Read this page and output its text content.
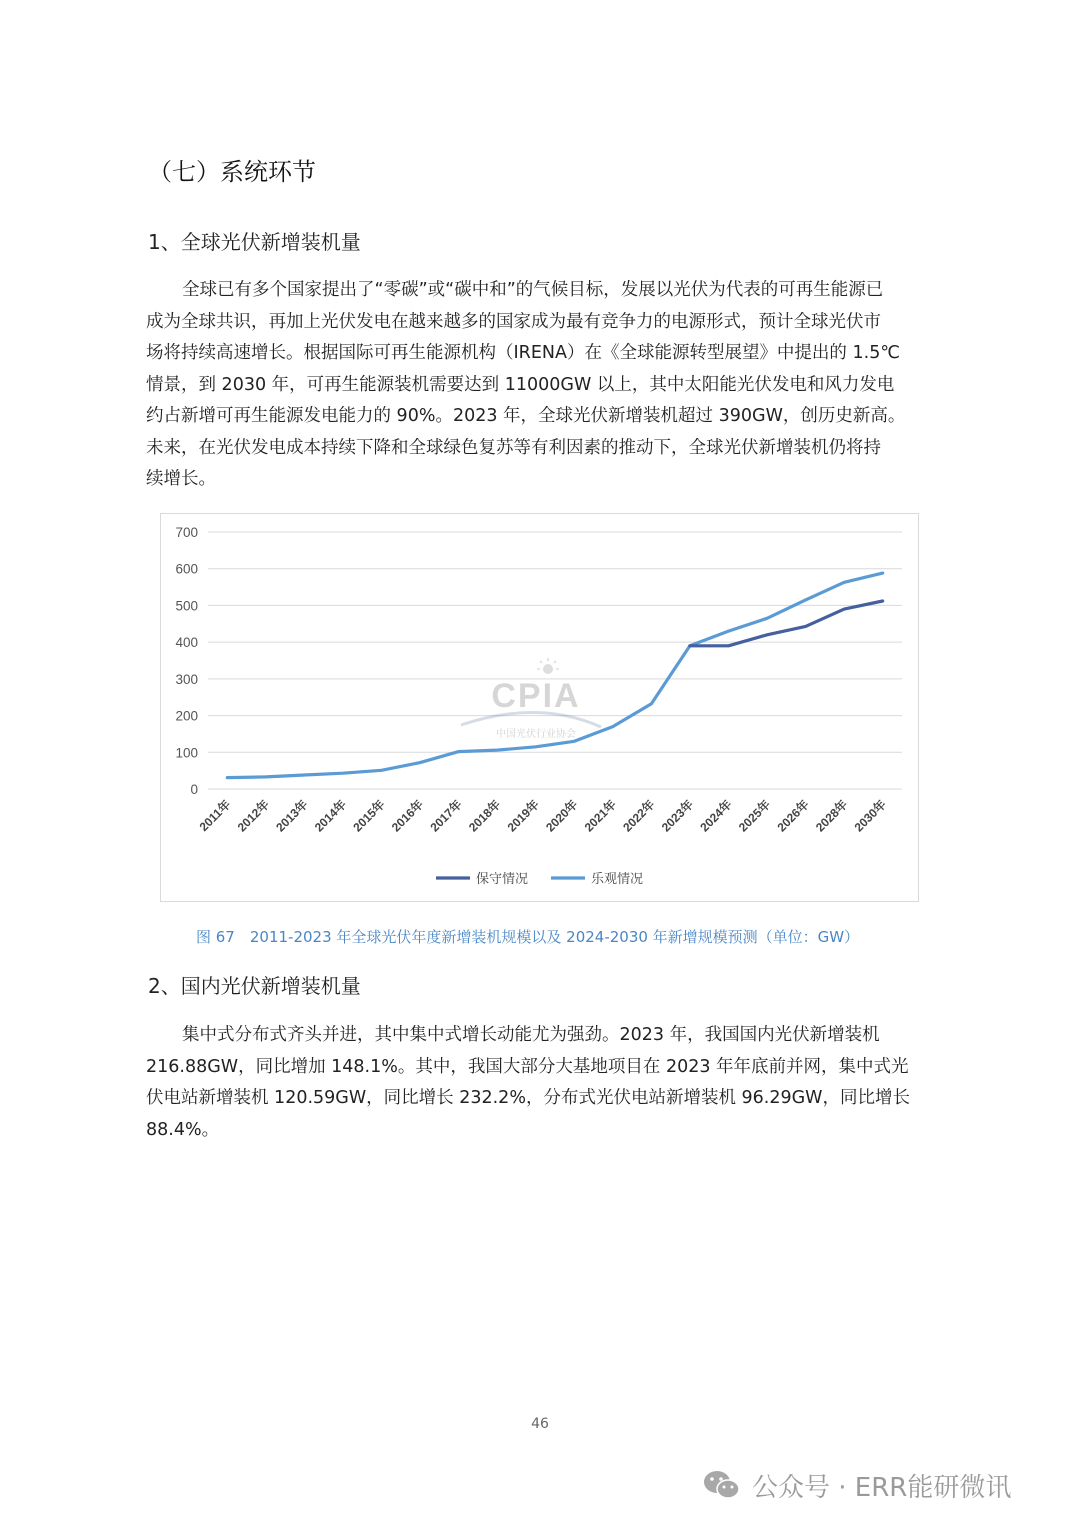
（七）系统环节
1、全球光伏新增装机量
全球已有多个国家提出了“零碳”或“碳中和”的气候目标，发展以光伏为代表的可再生能源已
成为全球共识，再加上光伏发电在越来越多的国家成为最有竞争力的电源形式，预计全球光伏市
场将持续高速增长。根据国际可再生能源机构（IRENA）在《全球能源转型展望》中提出的 1.5℃
情景，到 2030 年，可再生能源装机需要达到 11000GW 以上，其中太阳能光伏发电和风力发电
约占新增可再生能源发电能力的 90%。2023 年，全球光伏新增装机超过 390GW，创历史新高。
未来，在光伏发电成本持续下降和全球绿色复苏等有利因素的推动下，全球光伏新增装机仍将持
续增长。
CPIA
中国光伏行业协会
0
100
200
300
400
500
600
700
2011年 2012年 2013年 2014年 2015年 2016年 2017年 2018年 2019年 2020年 2021年 2022年 2023年 2024年 2025年 2026年 2028年 2030年
保守情况	乐观情况
图 67　2011-2023 年全球光伏年度新增装机规模以及 2024-2030 年新增规模预测（单位：GW）
2、国内光伏新增装机量
集中式分布式齐头并进，其中集中式增长动能尤为强劲。2023 年，我国国内光伏新增装机
216.88GW，同比增加 148.1%。其中，我国大部分大基地项目在 2023 年年底前并网，集中式光
伏电站新增装机 120.59GW，同比增长 232.2%，分布式光伏电站新增装机 96.29GW，同比增长
88.4%。
46
公众号 · ERR能研微讯
